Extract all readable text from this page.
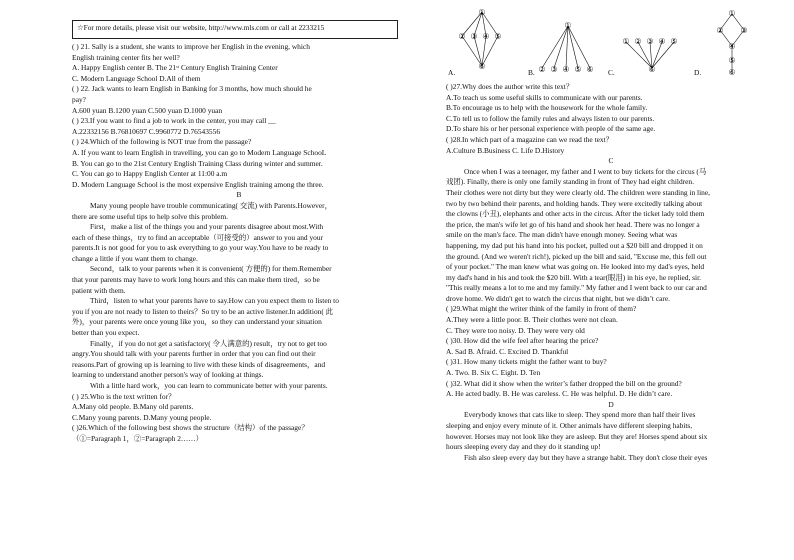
☆For more details, please visit our website, http://www.mls.com or call at 2233215
( ) 21. Sally is a student, she wants to improve her English in the evening, which
English training center fits her well?
A. Happy English center B. The 21ˢᵗ Century English Training Center
C. Modern Language School D.All of them
( ) 22. Jack wants to learn English in Banking for 3 months, how much should he
pay?
A.600 yuan B.1200 yuan C.500 yuan D.1000 yuan
( ) 23.If you want to find a job to work in the center, you may call __
A.22332156 B.76810697 C.9960772 D.76543556
( ) 24.Which of the following is NOT true from the passage?
A. If you want to learn English in travelling, you can go to Modern Language SchooL
B. You can go to the 21st Century English Training Class during winter and summer.
C. You can go to Happy English Center at 11:00 a.m
D. Modern Language School is the most expensive English training among the three.
B
Many young people have trouble communicating( 交流) with Parents.However，
there are some useful tips to help solve this problem.
First，make a list of the things you and your parents disagree about most.With
each of these things，try to find an acceptable（可接受的）answer to you and your
parents.It is not good for you to ask everything to go your way.You have to be ready to
change a little if you want them to change.
Second，talk to your parents when it is convenient( 方便的) for them.Remember
that your parents may have to work long hours and this can make them tired，so be
patient with them.
Third，listen to what your parents have to say.How can you expect them to listen to
you if you are not ready to listen to theirs？So try to be an active listener.In addition( 此
外)，your parents were once young like you，so they can understand your situation
better than you expect.
Finally，if you do not get a satisfactory( 令人满意的) result，try not to get too
angry.You should talk with your parents further in order that you can find out their
reasons.Part of growing up is learning to live with these kinds of disagreements，and
learning to understand another person's way of looking at things.
With a little hard work，you can learn to communicate better with your parents.
( ) 25.Who is the text written for？
A.Many old people. B.Many old parents.
C.Many young parents. D.Many young people.
( )26.Which of the following best shows the structure（结构）of the passage？
（①=Paragraph 1，②=Paragraph 2……）
①
② ③ ④ ⑤
⑥
A.
①
② ③ ④ ⑤ ⑥
B.
① ② ③ ④ ⑤
⑥
C.
①
② ③
④
⑤
⑥
D.
( )27.Why does the author write this text？
A.To teach us some useful skills to communicate with our parents.
B.To encourage us to help with the housework for the whole family.
C.To tell us to follow the family rules and always listen to our parents.
D.To share his or her personal experience with people of the same age.
( )28.In which part of a magazine can we read the text？
A.Culture B.Business C. Life D.History
C
Once when I was a teenager, my father and I went to buy tickets for the circus (马
戏团). Finally, there is only one family standing in front of They had eight children.
Their clothes were not dirty but they were clearly old. The children were standing in line,
two by two behind their parents, and holding hands. They were excitedly talking about
the clowns (小丑), elephants and other acts in the circus. After the ticket lady told them
the price, the man's wife let go of his hand and shook her head. There was no longer a
smile on the man's face. The man didn't have enough money. Seeing what was
happening, my dad put his hand into his pocket, pulled out a $20 bill and dropped it on
the ground. (And we weren't rich!), picked up the bill and said, "Excuse me, this fell out
of your pocket." The man knew what was going on. He looked into my dad's eyes, held
my dad's hand in his and took the $20 bill. With a tear(眼泪) in his eye, he replied, sir.
"This really means a lot to me and my family." My father and I went back to our car and
drove home. We didn't get to watch the circus that night, but we didn’t care.
( )29.What might the writer think of the family in front of them?
A.They were a little poor. B. Their clothes were not clean.
C. They were too noisy. D. They were very old
( )30. How did the wife feel after hearing the price?
A. Sad B. Afraid. C. Excited D. Thankful
( )31. How many tickets might the father want to buy?
A. Two. B. Six C. Eight. D. Ten
( )32. What did it show when the writer’s father dropped the bill on the ground?
A. He acted badly. B. He was careless. C. He was helpful. D. He didn’t care.
D
Everybody knows that cats like to sleep. They spend more than half their lives
sleeping and enjoy every minute of it. Other animals have different sleeping habits,
however. Horses may not look like they are asleep. But they are! Horses spend about six
hours sleeping every day and they do it standing up!
Fish also sleep every day but they have a strange habit. They don't close their eyes
